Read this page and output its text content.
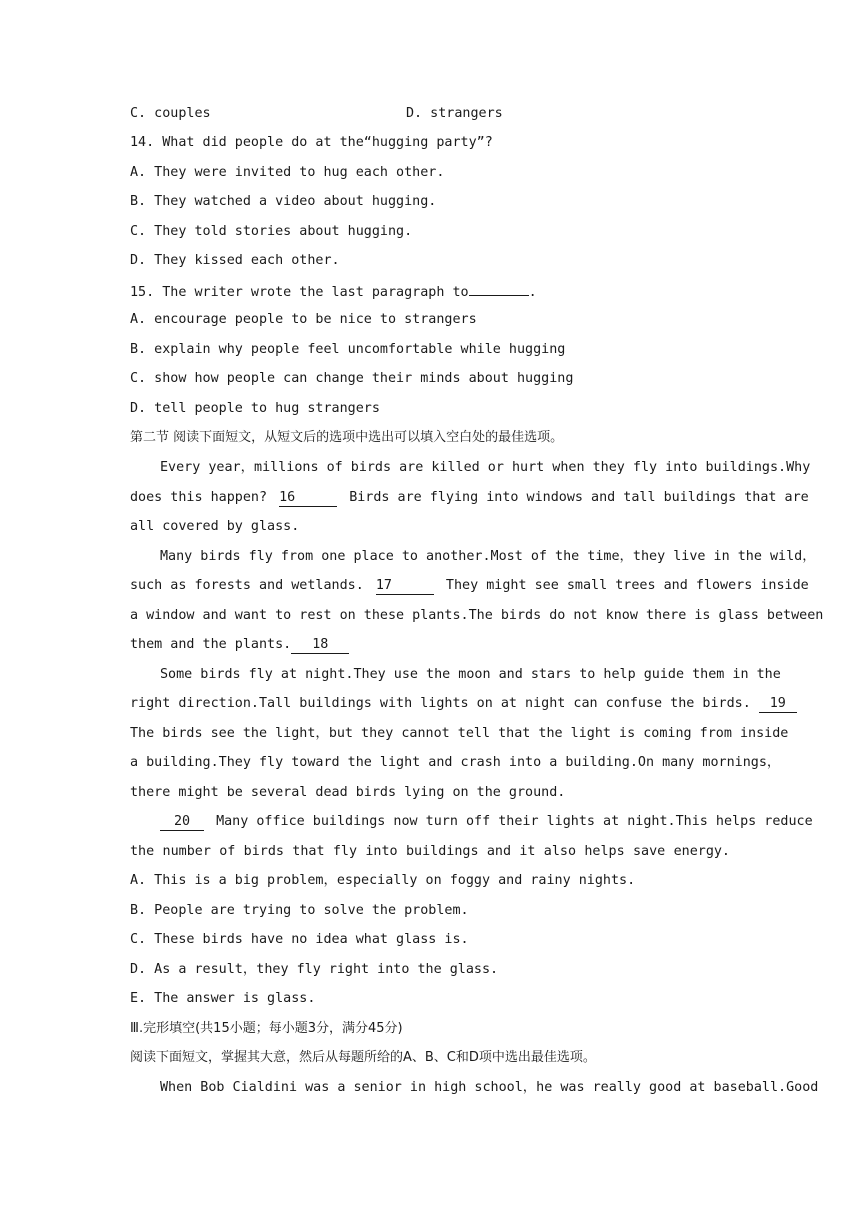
C. couples	D. strangers
14. What did people do at the“hugging party”?
A. They were invited to hug each other.
B. They watched a video about hugging.
C. They told stories about hugging.
D. They kissed each other.
15. The writer wrote the last paragraph to	.
A. encourage people to be nice to strangers
B. explain why people feel uncomfortable while hugging
C. show how people can change their minds about hugging
D. tell people to hug strangers
第二节 阅读下面短文，从短文后的选项中选出可以填入空白处的最佳选项。
Every year，millions of birds are killed or hurt when they fly into buildings.Why
does this happen? 16	Birds are flying into windows and tall buildings that are
all covered by glass.
Many birds fly from one place to another.Most of the time，they live in the wild，
such as forests and wetlands. 17	They might see small trees and flowers inside
a window and want to rest on these plants.The birds do not know there is glass between
them and the plants. 18
Some birds fly at night.They use the moon and stars to help guide them in the
right direction.Tall buildings with lights on at night can confuse the birds. 19
The birds see the light，but they cannot tell that the light is coming from inside
a building.They fly toward the light and crash into a building.On many mornings，
there might be several dead birds lying on the ground.
20 Many office buildings now turn off their lights at night.This helps reduce
the number of birds that fly into buildings and it also helps save energy.
A. This is a big problem，especially on foggy and rainy nights.
B. People are trying to solve the problem.
C. These birds have no idea what glass is.
D. As a result，they fly right into the glass.
E. The answer is glass.
Ⅲ.完形填空(共15小题；每小题3分，满分45分)
阅读下面短文，掌握其大意，然后从每题所给的A、B、C和D项中选出最佳选项。
When Bob Cialdini was a senior in high school，he was really good at baseball.Good
